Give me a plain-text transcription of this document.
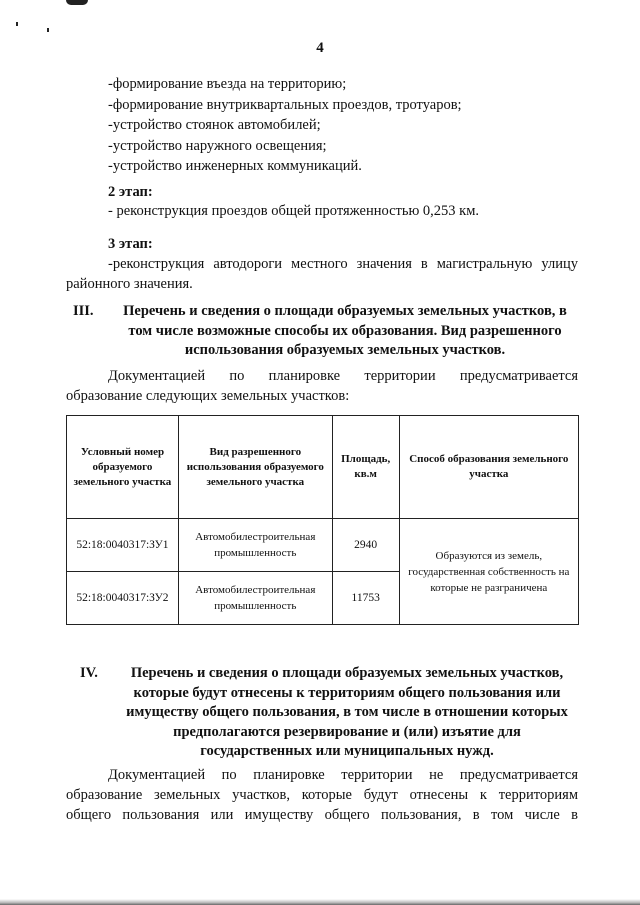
4
-формирование въезда на территорию;
-формирование внутриквартальных проездов, тротуаров;
-устройство стоянок автомобилей;
-устройство наружного освещения;
-устройство инженерных коммуникаций.
2 этап:
- реконструкция проездов общей протяженностью 0,253 км.
3 этап:
-реконструкция автодороги местного значения в магистральную улицу
районного значения.
III.	Перечень и сведения о площади образуемых земельных участков, в
том числе возможные способы их образования. Вид разрешенного
использования образуемых земельных участков.
Документацией по планировке территории предусматривается
образование следующих земельных участков:
Условный номер образуемого земельного участка	Вид разрешенного использования образуемого земельного участка	Площадь, кв.м	Способ образования земельного участка
52:18:0040317:ЗУ1	Автомобилестроительная промышленность	2940	Образуются из земель, государственная собственность на которые не разграничена
52:18:0040317:ЗУ2	Автомобилестроительная промышленность	11753	
IV.	Перечень и сведения о площади образуемых земельных участков,
которые будут отнесены к территориям общего пользования или
имуществу общего пользования, в том числе в отношении которых
предполагаются резервирование и (или) изъятие для
государственных или муниципальных нужд.
Документацией по планировке территории не предусматривается
образование земельных участков, которые будут отнесены к территориям
общего пользования или имуществу общего пользования, в том числе в
